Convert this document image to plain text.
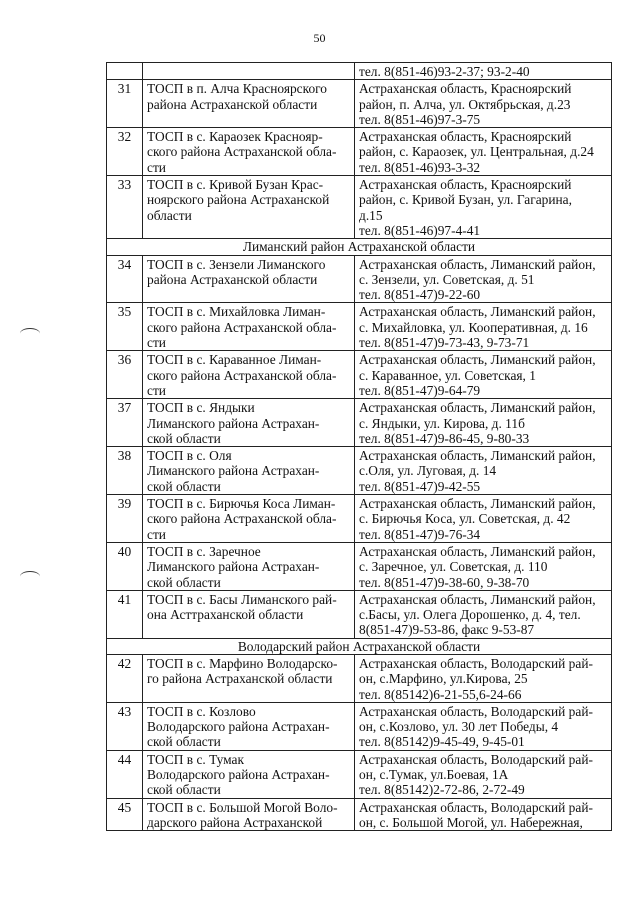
50

		тел. 8(851-46)93-2-37; 93-2-40

31	ТОСП в п. Алча Красноярского
района Астраханской области	Астраханская область, Красноярский
район, п. Алча, ул. Октябрьская, д.23
тел. 8(851-46)97-3-75

32	ТОСП в с. Караозек Краснояр-
ского района Астраханской обла-
сти	Астраханская область, Красноярский
район, с. Караозек, ул. Центральная, д.24
тел. 8(851-46)93-3-32

33	ТОСП в с. Кривой Бузан Крас-
ноярского района Астраханской
области	Астраханская область, Красноярский
район, с. Кривой Бузан, ул. Гагарина,
д.15
тел. 8(851-46)97-4-41

Лиманский район Астраханской области		
34	ТОСП в с. Зензели Лиманского
района Астраханской области	Астраханская область, Лиманский район,
с. Зензели, ул. Советская, д. 51
тел. 8(851-47)9-22-60

35	ТОСП в с. Михайловка Лиман-
ского района Астраханской обла-
сти	Астраханская область, Лиманский район,
с. Михайловка, ул. Кооперативная, д. 16
тел. 8(851-47)9-73-43, 9-73-71

36	ТОСП в с. Караванное Лиман-
ского района Астраханской обла-
сти	Астраханская область, Лиманский район,
с. Караванное, ул. Советская, 1
тел. 8(851-47)9-64-79

37	ТОСП в с. Яндыки
Лиманского района Астрахан-
ской области	Астраханская область, Лиманский район,
с. Яндыки, ул. Кирова, д. 11б
тел. 8(851-47)9-86-45, 9-80-33

38	ТОСП в с. Оля
Лиманского района Астрахан-
ской области	Астраханская область, Лиманский район,
с.Оля, ул. Луговая, д. 14
тел. 8(851-47)9-42-55

39	ТОСП в с. Бирючья Коса Лиман-
ского района Астраханской обла-
сти	Астраханская область, Лиманский район,
с. Бирючья Коса, ул. Советская, д. 42
тел. 8(851-47)9-76-34

40	ТОСП в с. Заречное
Лиманского района Астрахан-
ской области	Астраханская область, Лиманский район,
с. Заречное, ул. Советская, д. 110
тел. 8(851-47)9-38-60, 9-38-70

41	ТОСП в с. Басы Лиманского рай-
она Асттраханской области	Астраханская область, Лиманский район,
с.Басы, ул. Олега Дорошенко, д. 4, тел.
8(851-47)9-53-86, факс 9-53-87

Володарский район Астраханской области		
42	ТОСП в с. Марфино Володарско-
го района Астраханской области	Астраханская область, Володарский рай-
он, с.Марфино, ул.Кирова, 25
тел. 8(85142)6-21-55,6-24-66

43	ТОСП в с. Козлово
Володарского района Астрахан-
ской области	Астраханская область, Володарский рай-
он, с.Козлово, ул. 30 лет Победы, 4
тел. 8(85142)9-45-49, 9-45-01

44	ТОСП в с. Тумак
Володарского района Астрахан-
ской области	Астраханская область, Володарский рай-
он, с.Тумак, ул.Боевая, 1А
тел. 8(85142)2-72-86, 2-72-49

45	ТОСП в с. Большой Могой Воло-
дарского района Астраханской	Астраханская область, Володарский рай-
он, с. Большой Могой, ул. Набережная,
